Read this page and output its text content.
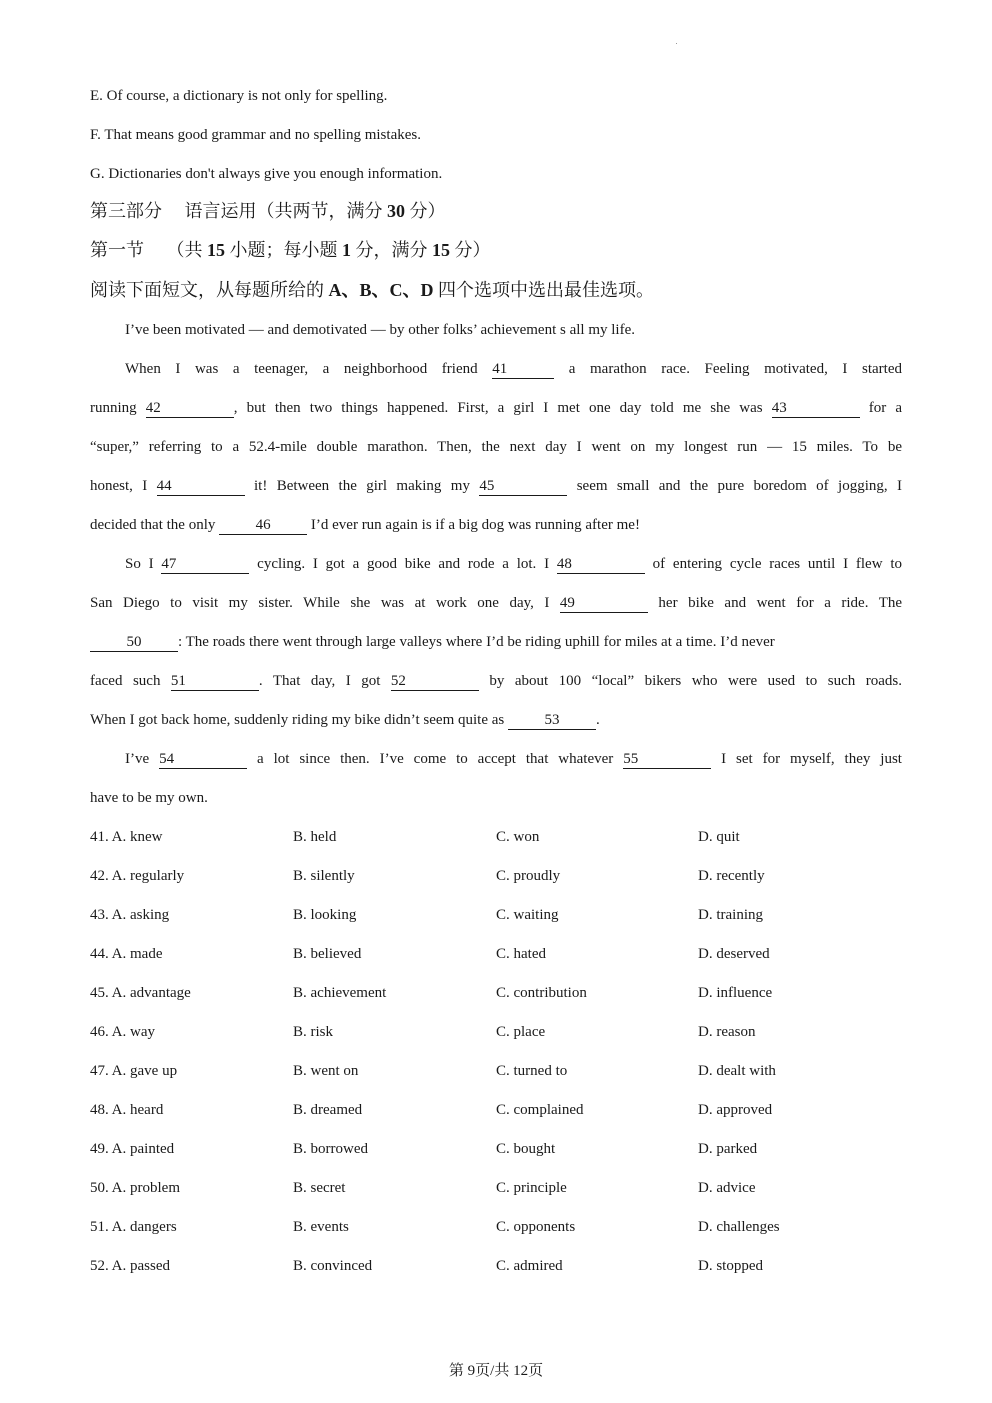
E. Of course, a dictionary is not only for spelling.
F. That means good grammar and no spelling mistakes.
G. Dictionaries don't always give you enough information.
第三部分　 语言运用（共两节，满分 30 分）
第一节　 （共 15 小题；每小题 1 分，满分 15 分）
阅读下面短文，从每题所给的 A、B、C、D 四个选项中选出最佳选项。
I’ve been motivated — and demotivated — by other folks’ achievement s all my life.
When I was a teenager, a neighborhood friend 41	a marathon race. Feeling motivated, I started
running 42	, but then two things happened. First, a girl I met one day told me she was 43	for a
“super,” referring to a 52.4-mile double marathon. Then, the next day I went on my longest run — 15 miles. To be
honest, I 44	it! Between the girl making my 45	seem small and the pure boredom of jogging, I
decided that the only 46 I’d ever run again is if a big dog was running after me!
So I 47	cycling. I got a good bike and rode a lot. I 48	of entering cycle races until I flew to
San Diego to visit my sister. While she was at work one day, I 49	her bike and went for a ride. The
50 : The roads there went through large valleys where I’d be riding uphill for miles at a time. I’d never
faced such 51	. That day, I got 52	by about 100 “local” bikers who were used to such roads.
When I got back home, suddenly riding my bike didn’t seem quite as 53 .
I’ve 54	a lot since then. I’ve come to accept that whatever 55	I set for myself, they just
have to be my own.
41. A. knew	B. held	C. won	D. quit
42. A. regularly	B. silently	C. proudly	D. recently
43. A. asking	B. looking	C. waiting	D. training
44. A. made	B. believed	C. hated	D. deserved
45. A. advantage	B. achievement	C. contribution	D. influence
46. A. way	B. risk	C. place	D. reason
47. A. gave up	B. went on	C. turned to	D. dealt with
48. A. heard	B. dreamed	C. complained	D. approved
49. A. painted	B. borrowed	C. bought	D. parked
50. A. problem	B. secret	C. principle	D. advice
51. A. dangers	B. events	C. opponents	D. challenges
52. A. passed	B. convinced	C. admired	D. stopped
第 9页/共 12页
